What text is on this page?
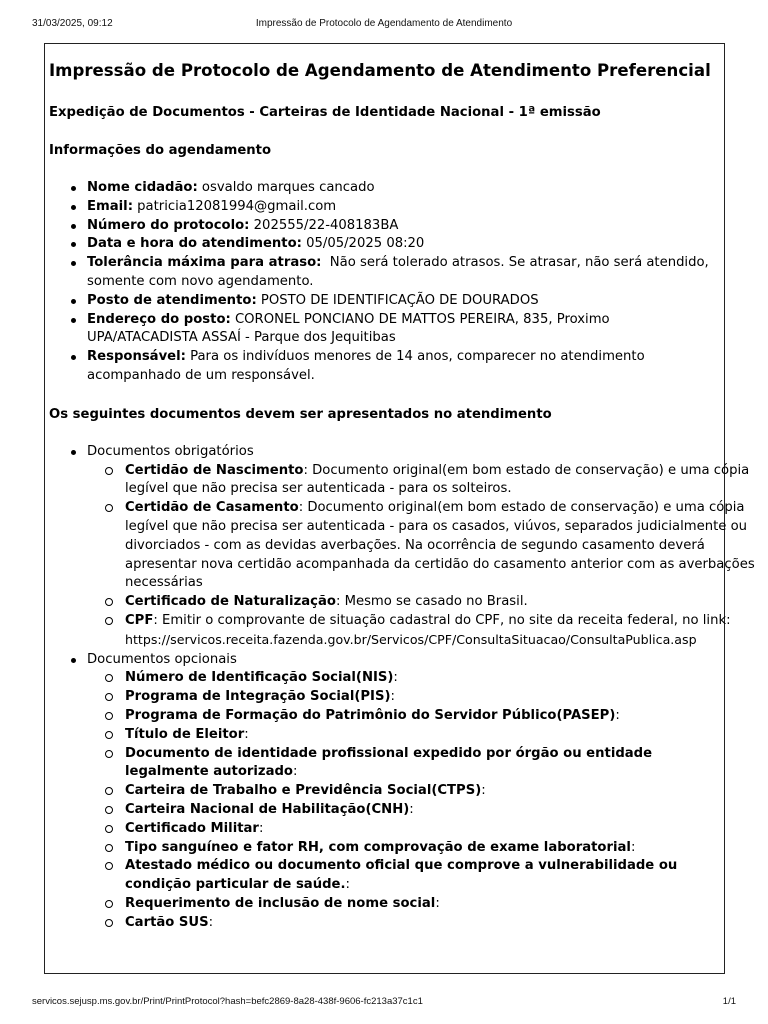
31/03/2025, 09:12	Impressão de Protocolo de Agendamento de Atendimento
Impressão de Protocolo de Agendamento de Atendimento Preferencial
Expedição de Documentos - Carteiras de Identidade Nacional - 1ª emissão
Informações do agendamento
Nome cidadão: osvaldo marques cancado
Email: patricia12081994@gmail.com
Número do protocolo: 202555/22-408183BA
Data e hora do atendimento: 05/05/2025 08:20
Tolerância máxima para atraso:  Não será tolerado atrasos. Se atrasar, não será atendido, somente com novo agendamento.
Posto de atendimento: POSTO DE IDENTIFICAÇÃO DE DOURADOS
Endereço do posto: CORONEL PONCIANO DE MATTOS PEREIRA, 835, Proximo UPA/ATACADISTA ASSAÍ - Parque dos Jequitibas
Responsável: Para os indivíduos menores de 14 anos, comparecer no atendimento acompanhado de um responsável.
Os seguintes documentos devem ser apresentados no atendimento
Documentos obrigatórios
Certidão de Nascimento: Documento original(em bom estado de conservação) e uma cópia legível que não precisa ser autenticada - para os solteiros.
Certidão de Casamento: Documento original(em bom estado de conservação) e uma cópia legível que não precisa ser autenticada - para os casados, viúvos, separados judicialmente ou divorciados - com as devidas averbações. Na ocorrência de segundo casamento deverá apresentar nova certidão acompanhada da certidão do casamento anterior com as averbações necessárias
Certificado de Naturalização: Mesmo se casado no Brasil.
CPF: Emitir o comprovante de situação cadastral do CPF, no site da receita federal, no link:
https://servicos.receita.fazenda.gov.br/Servicos/CPF/ConsultaSituacao/ConsultaPublica.asp
Documentos opcionais
Número de Identificação Social(NIS):
Programa de Integração Social(PIS):
Programa de Formação do Patrimônio do Servidor Público(PASEP):
Título de Eleitor:
Documento de identidade profissional expedido por órgão ou entidade legalmente autorizado:
Carteira de Trabalho e Previdência Social(CTPS):
Carteira Nacional de Habilitação(CNH):
Certificado Militar:
Tipo sanguíneo e fator RH, com comprovação de exame laboratorial:
Atestado médico ou documento oficial que comprove a vulnerabilidade ou condição particular de saúde.:
Requerimento de inclusão de nome social:
Cartão SUS:
servicos.sejusp.ms.gov.br/Print/PrintProtocol?hash=befc2869-8a28-438f-9606-fc213a37c1c1	1/1
